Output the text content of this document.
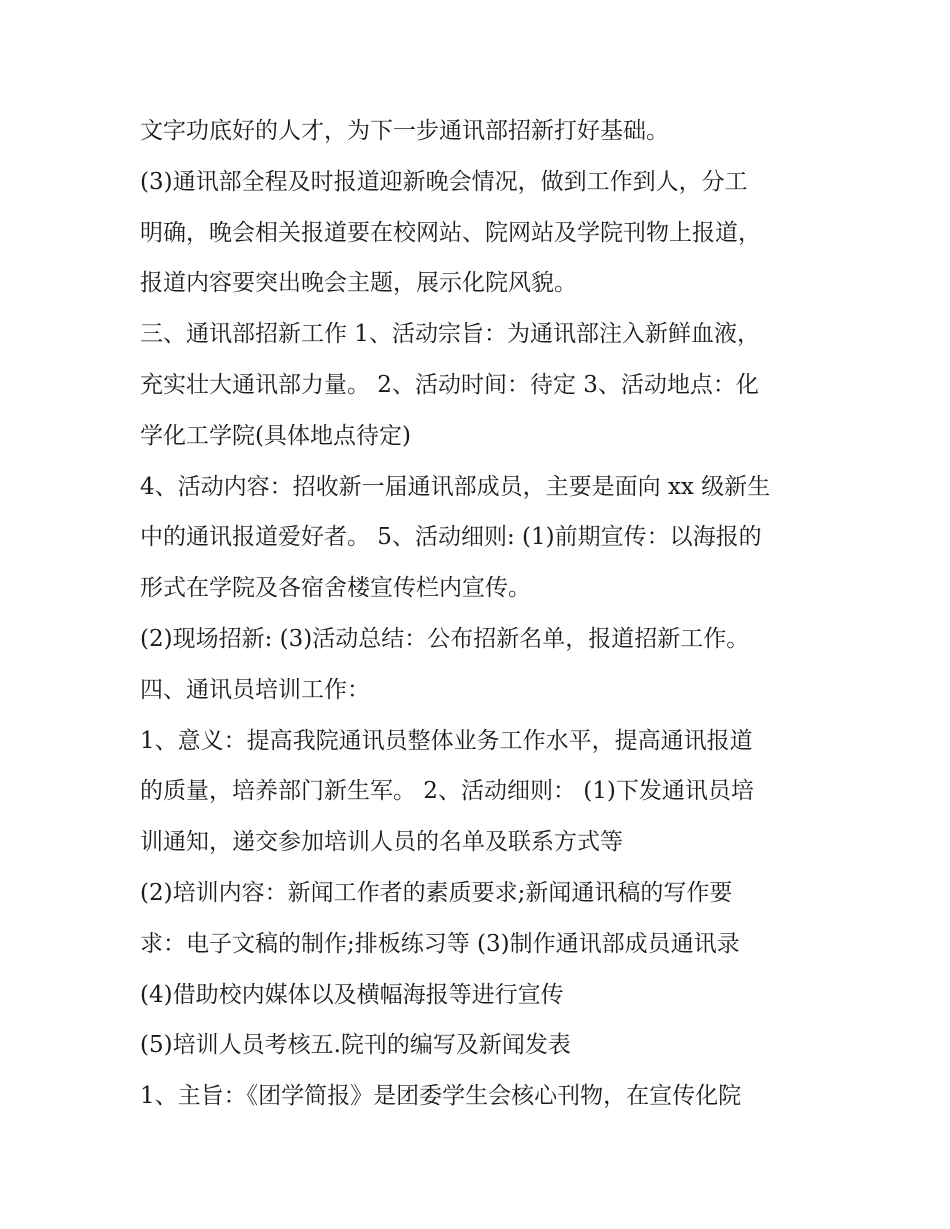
文字功底好的人才，为下一步通讯部招新打好基础。
(3)通讯部全程及时报道迎新晚会情况，做到工作到人，分工
明确，晚会相关报道要在校网站、院网站及学院刊物上报道，
报道内容要突出晚会主题，展示化院风貌。
三、通讯部招新工作 1、活动宗旨：为通讯部注入新鲜血液，
充实壮大通讯部力量。 2、活动时间：待定 3、活动地点：化
学化工学院(具体地点待定)
4、活动内容：招收新一届通讯部成员，主要是面向 xx 级新生
中的通讯报道爱好者。 5、活动细则: (1)前期宣传：以海报的
形式在学院及各宿舍楼宣传栏内宣传。
(2)现场招新: (3)活动总结：公布招新名单，报道招新工作。
四、通讯员培训工作：
1、意义：提高我院通讯员整体业务工作水平，提高通讯报道
的质量，培养部门新生军。 2、活动细则： (1)下发通讯员培
训通知，递交参加培训人员的名单及联系方式等
(2)培训内容：新闻工作者的素质要求;新闻通讯稿的写作要
求：电子文稿的制作;排板练习等 (3)制作通讯部成员通讯录
(4)借助校内媒体以及横幅海报等进行宣传
(5)培训人员考核五.院刊的编写及新闻发表
1、主旨：《团学简报》是团委学生会核心刊物，在宣传化院
